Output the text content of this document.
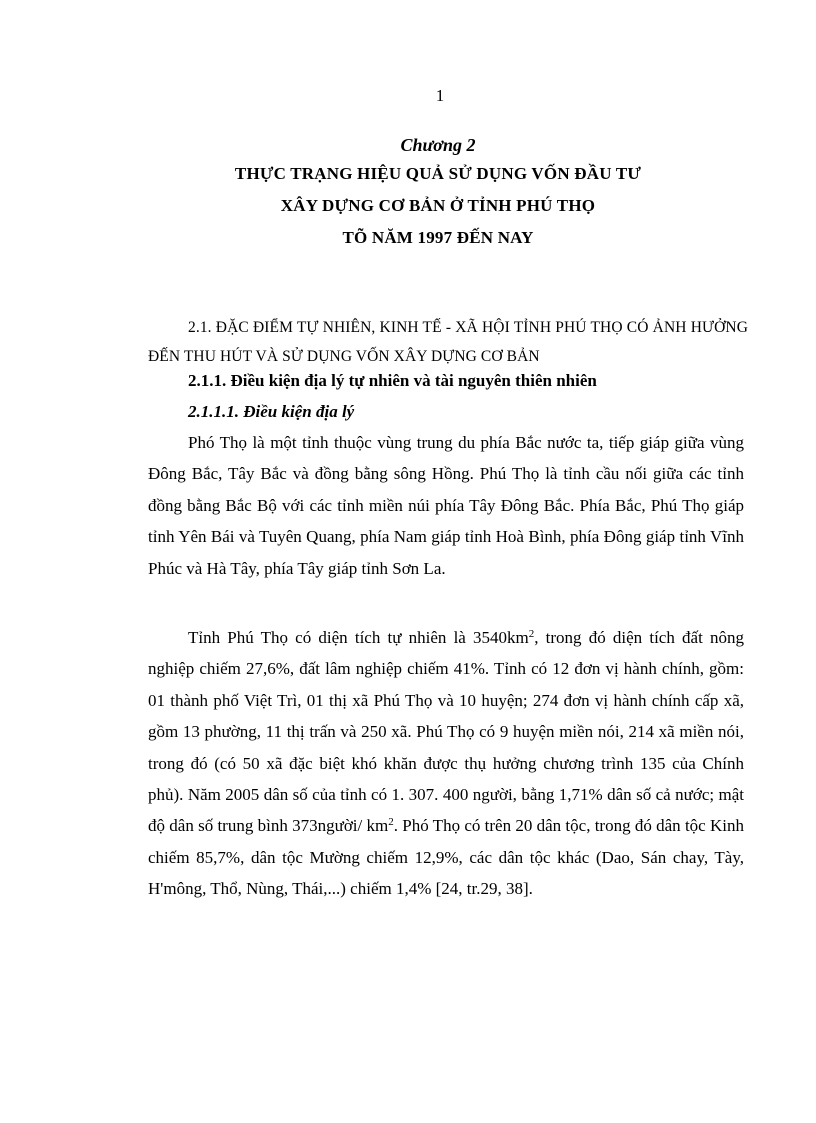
1
Chương 2
THỰC TRẠNG HIỆU QUẢ SỬ DỤNG VỐN ĐẦU TƯ
XÂY DỰNG CƠ BẢN Ở TỈNH PHÚ THỌ
TÕ NĂM 1997 ĐẾN NAY
2.1. ĐẶC ĐIỂM TỰ NHIÊN, KINH TẾ - XÃ HỘI TỈNH PHÚ THỌ CÓ ẢNH HƯỞNG ĐẾN THU HÚT VÀ SỬ DỤNG VỐN XÂY DỰNG CƠ BẢN
2.1.1. Điều kiện địa lý tự nhiên và tài nguyên thiên nhiên
2.1.1.1. Điều kiện địa lý
Phó Thọ là một tỉnh thuộc vùng trung du phía Bắc nước ta, tiếp giáp giữa vùng Đông Bắc, Tây Bắc và đồng bằng sông Hồng. Phú Thọ là tỉnh cầu nối giữa các tỉnh đồng bằng Bắc Bộ với các tỉnh miền núi phía Tây Đông Bắc. Phía Bắc, Phú Thọ giáp tỉnh Yên Bái và Tuyên Quang, phía Nam giáp tỉnh Hoà Bình, phía Đông giáp tỉnh Vĩnh Phúc và Hà Tây, phía Tây giáp tỉnh Sơn La.
Tỉnh Phú Thọ có diện tích tự nhiên là $3540km^2$, trong đó diện tích đất nông nghiệp chiếm 27,6%, đất lâm nghiệp chiếm 41%. Tỉnh có 12 đơn vị hành chính, gồm: 01 thành phố Việt Trì, 01 thị xã Phú Thọ và 10 huyện; 274 đơn vị hành chính cấp xã, gồm 13 phường, 11 thị trấn và 250 xã. Phú Thọ có 9 huyện miền nói, 214 xã miền nói, trong đó (có 50 xã đặc biệt khó khăn được thụ hưởng chương trình 135 của Chính phủ). Năm 2005 dân số của tỉnh có 1. 307. 400 người, bằng 1,71% dân số cả nước; mật độ dân số trung bình 373người/ $km^2$. Phó Thọ có trên 20 dân tộc, trong đó dân tộc Kinh chiếm 85,7%, dân tộc Mường chiếm 12,9%, các dân tộc khác (Dao, Sán chay, Tày, H'mông, Thổ, Nùng, Thái,...) chiếm 1,4% [24, tr.29, 38].
